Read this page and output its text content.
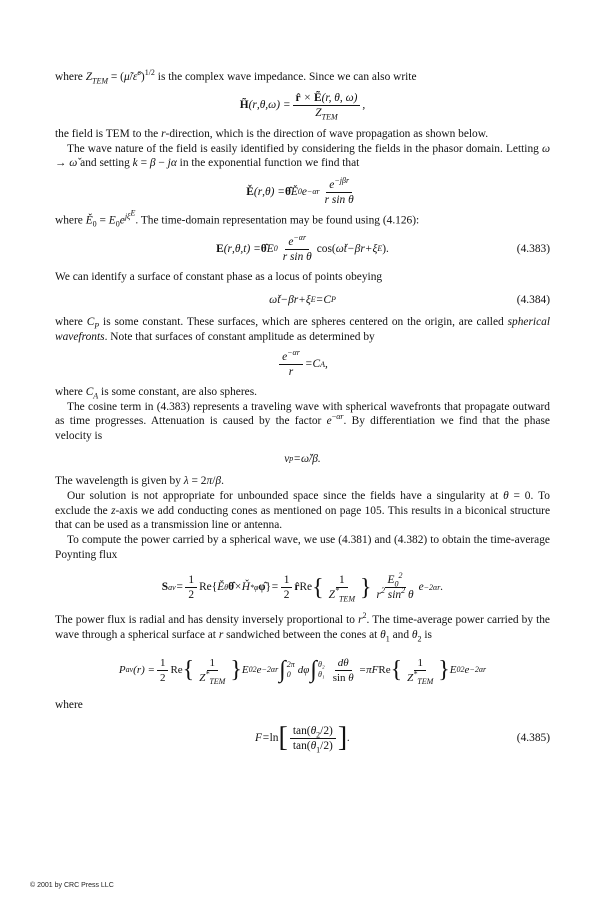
where $Z_{TEM}$ = (μ̃/ε̃$^c$)$^{1/2}$ is the complex wave impedance. Since we can also write

H̃ ( r , θ , ω ) = $\frac{\text{r̂ × Ẽ(r, θ, ω)}}{Z_{TEM}}$ ,

the field is TEM to the r-direction, which is the direction of wave propagation as shown below.

The wave nature of the field is easily identified by considering the fields in the phasor domain. Letting ω → ω̌ and setting k = β − jα in the exponential function we find that

Ě ( r , θ ) = θ̂ Ě 0 $e -\alpha r \frac{e^{-j\beta r}}{\text{r sin θ}}$

where $Ě_0 = E_0e^{j\xi^E}$. The time-domain representation may be found using (4.126):

E ( r , θ , t ) = θ̂ E $0 \frac{e^{-\alpha r}}{\text{r sin θ}} \cos$( ω̌t − βr + ξ E ).	(4.383)

We can identify a surface of constant phase as a locus of points obeying

ω̌t − βr + ξ E = C P	(4.384)

where $C_P$ is some constant. These surfaces, which are spheres centered on the origin, are called spherical wavefronts. Note that surfaces of constant amplitude as determined by

$\frac{e^{-\alpha r}}{r} = C$ A ,

where $C_A$ is some constant, are also spheres.

The cosine term in (4.383) represents a traveling wave with spherical wavefronts that propagate outward as time progresses. Attenuation is caused by the factor $e^{-\alpha r}$. By differentiation we find that the phase velocity is

v p = ω̌ / β .

The wavelength is given by λ = 2π/β.

Our solution is not appropriate for unbounded space since the fields have a singularity at θ = 0. To exclude the z-axis we add conducting cones as mentioned on page 105. This results in a biconical structure that can be used as a transmission line or antenna.

To compute the power carried by a spherical wave, we use (4.381) and (4.382) to obtain the time-average Poynting flux

S av = $\frac{1}{2} Re${ Ě θ θ̂ × Ȟ * φ φ̂ } = $\frac{1}{2}$ r̂ Re { $\frac{1}{Z^*_{TEM}}$ } $\frac{E_0^2}{r^2 \sin^2 \theta}$ e −2αr .

The power flux is radial and has density inversely proportional to $r^2$. The time-average power carried by the wave through a spherical surface at r sandwiched between the cones at $\theta_1$ and $\theta_2$ is

P av ( r ) = $\frac{1}{2}$ Re { $\frac{1}{Z^*_{TEM}}$ } E 0 2 e −2αr ∫ 2π
0 dφ ∫ θ₂
$\theta_1 \frac{d\theta}{\text{sin θ}} = \pi$ F Re { $\frac{1}{Z^*_{TEM}}$ } E 0 2 e −2αr

where

F = ln [ $\frac{\tan(\theta_2/2)}{\tan(\theta_1/2)}$ ] .	(4.385)
© 2001 by CRC Press LLC
